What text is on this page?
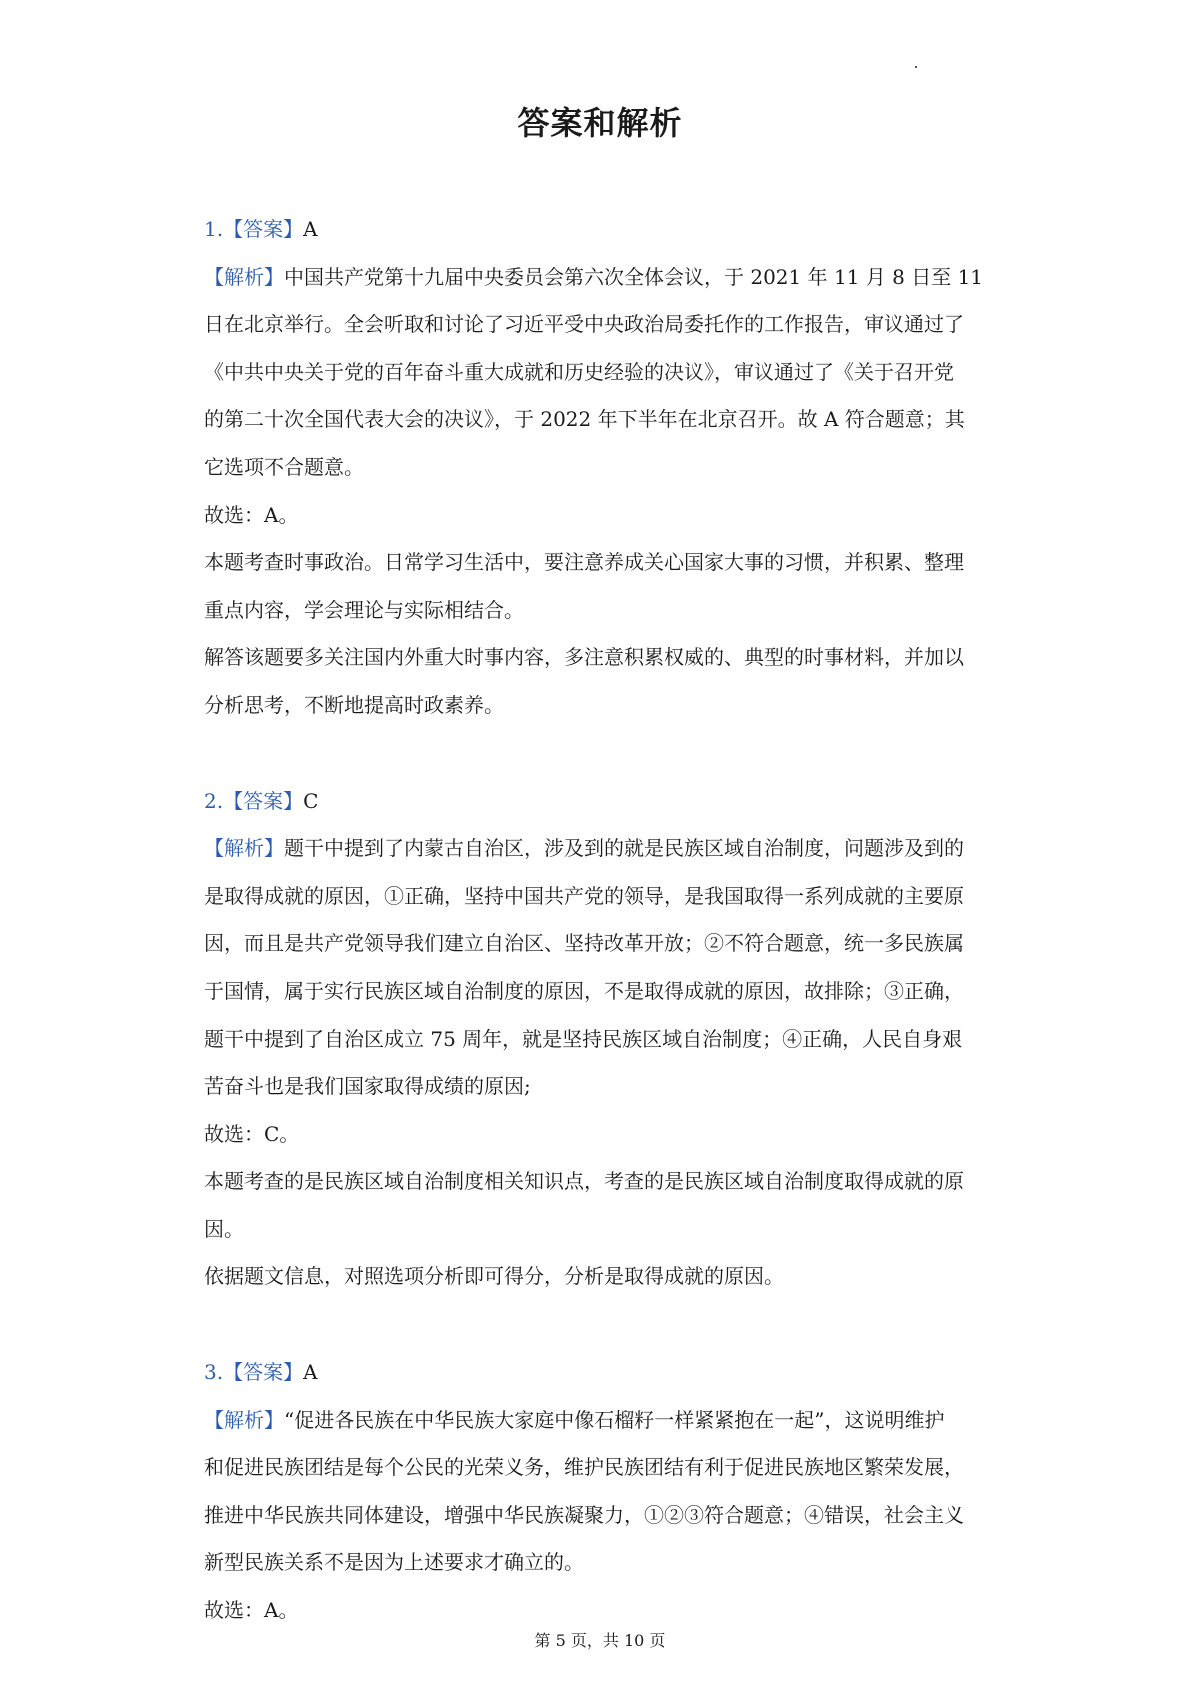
答案和解析
1.【答案】A
【解析】中国共产党第十九届中央委员会第六次全体会议，于 2021 年 11 月 8 日至 11
日在北京举行。全会听取和讨论了习近平受中央政治局委托作的工作报告，审议通过了
《中共中央关于党的百年奋斗重大成就和历史经验的决议》，审议通过了《关于召开党
的第二十次全国代表大会的决议》，于 2022 年下半年在北京召开。故 A 符合题意；其
它选项不合题意。
故选：A。
本题考查时事政治。日常学习生活中，要注意养成关心国家大事的习惯，并积累、整理
重点内容，学会理论与实际相结合。
解答该题要多关注国内外重大时事内容，多注意积累权威的、典型的时事材料，并加以
分析思考，不断地提高时政素养。
2.【答案】C
【解析】题干中提到了内蒙古自治区，涉及到的就是民族区域自治制度，问题涉及到的
是取得成就的原因，①正确，坚持中国共产党的领导，是我国取得一系列成就的主要原
因，而且是共产党领导我们建立自治区、坚持改革开放；②不符合题意，统一多民族属
于国情，属于实行民族区域自治制度的原因，不是取得成就的原因，故排除；③正确，
题干中提到了自治区成立 75 周年，就是坚持民族区域自治制度；④正确，人民自身艰
苦奋斗也是我们国家取得成绩的原因;
故选：C。
本题考查的是民族区域自治制度相关知识点，考查的是民族区域自治制度取得成就的原
因。
依据题文信息，对照选项分析即可得分，分析是取得成就的原因。
3.【答案】A
【解析】“促进各民族在中华民族大家庭中像石榴籽一样紧紧抱在一起”，这说明维护
和促进民族团结是每个公民的光荣义务，维护民族团结有利于促进民族地区繁荣发展，
推进中华民族共同体建设，增强中华民族凝聚力，①②③符合题意；④错误，社会主义
新型民族关系不是因为上述要求才确立的。
故选：A。
第 5 页，共 10 页
